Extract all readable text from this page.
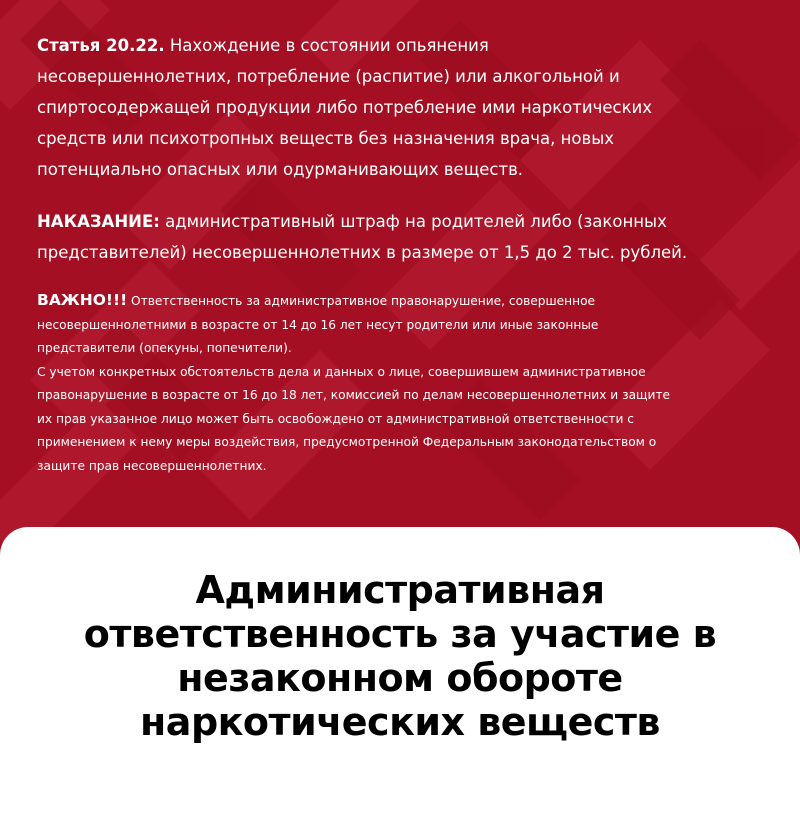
Статья 20.22. Нахождение в состоянии опьянения
несовершеннолетних, потребление (распитие) или алкогольной и
спиртосодержащей продукции либо потребление ими наркотических
средств или психотропных веществ без назначения врача, новых
потенциально опасных или одурманивающих веществ.

НАКАЗАНИЕ: административный штраф на родителей либо (законных
представителей) несовершеннолетних в размере от 1,5 до 2 тыс. рублей.

ВАЖНО!!! Ответственность за административное правонарушение, совершенное
несовершеннолетними в возрасте от 14 до 16 лет несут родители или иные законные
представители (опекуны, попечители).
С учетом конкретных обстоятельств дела и данных о лице, совершившем административное
правонарушение в возрасте от 16 до 18 лет, комиссией по делам несовершеннолетних и защите
их прав указанное лицо может быть освобождено от административной ответственности с
применением к нему меры воздействия, предусмотренной Федеральным законодательством о
защите прав несовершеннолетних.

Административная
ответственность за участие в
незаконном обороте
наркотических веществ
